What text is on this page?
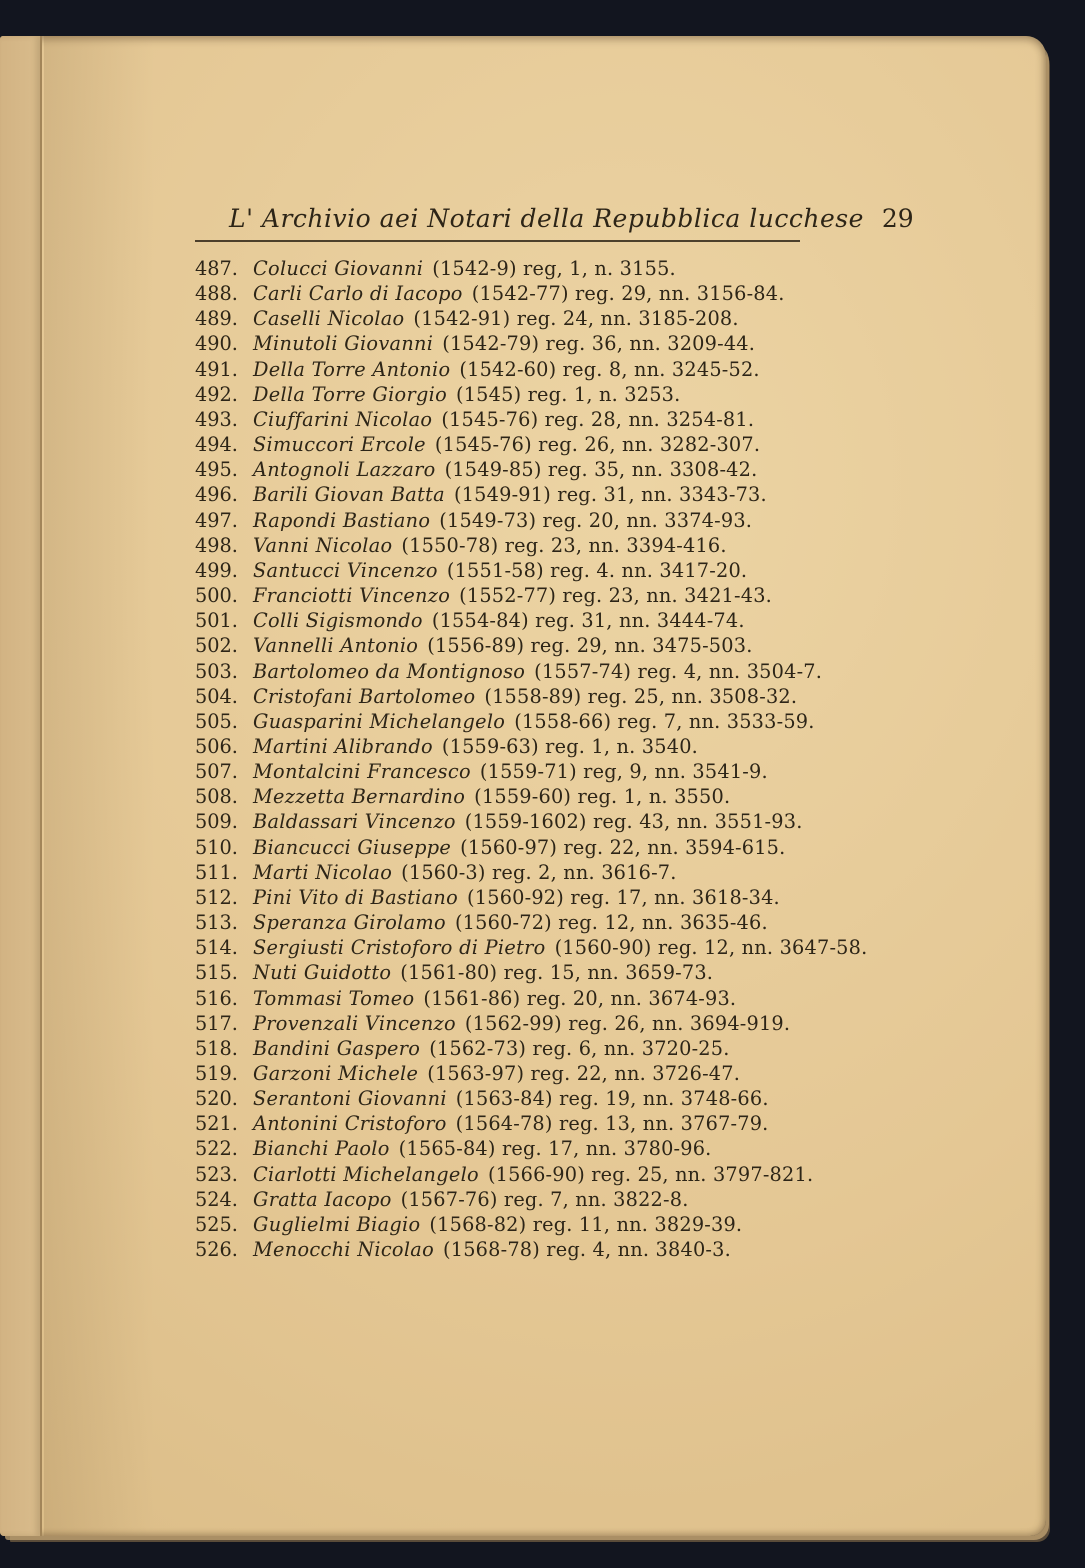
L' Archivio aei Notari della Repubblica lucchese 29
487. Colucci Giovanni (1542-9) reg, 1, n. 3155.
488. Carli Carlo di Iacopo (1542-77) reg. 29, nn. 3156-84.
489. Caselli Nicolao (1542-91) reg. 24, nn. 3185-208.
490. Minutoli Giovanni (1542-79) reg. 36, nn. 3209-44.
491. Della Torre Antonio (1542-60) reg. 8, nn. 3245-52.
492. Della Torre Giorgio (1545) reg. 1, n. 3253.
493. Ciuffarini Nicolao (1545-76) reg. 28, nn. 3254-81.
494. Simuccori Ercole (1545-76) reg. 26, nn. 3282-307.
495. Antognoli Lazzaro (1549-85) reg. 35, nn. 3308-42.
496. Barili Giovan Batta (1549-91) reg. 31, nn. 3343-73.
497. Rapondi Bastiano (1549-73) reg. 20, nn. 3374-93.
498. Vanni Nicolao (1550-78) reg. 23, nn. 3394-416.
499. Santucci Vincenzo (1551-58) reg. 4. nn. 3417-20.
500. Franciotti Vincenzo (1552-77) reg. 23, nn. 3421-43.
501. Colli Sigismondo (1554-84) reg. 31, nn. 3444-74.
502. Vannelli Antonio (1556-89) reg. 29, nn. 3475-503.
503. Bartolomeo da Montignoso (1557-74) reg. 4, nn. 3504-7.
504. Cristofani Bartolomeo (1558-89) reg. 25, nn. 3508-32.
505. Guasparini Michelangelo (1558-66) reg. 7, nn. 3533-59.
506. Martini Alibrando (1559-63) reg. 1, n. 3540.
507. Montalcini Francesco (1559-71) reg, 9, nn. 3541-9.
508. Mezzetta Bernardino (1559-60) reg. 1, n. 3550.
509. Baldassari Vincenzo (1559-1602) reg. 43, nn. 3551-93.
510. Biancucci Giuseppe (1560-97) reg. 22, nn. 3594-615.
511. Marti Nicolao (1560-3) reg. 2, nn. 3616-7.
512. Pini Vito di Bastiano (1560-92) reg. 17, nn. 3618-34.
513. Speranza Girolamo (1560-72) reg. 12, nn. 3635-46.
514. Sergiusti Cristoforo di Pietro (1560-90) reg. 12, nn. 3647-58.
515. Nuti Guidotto (1561-80) reg. 15, nn. 3659-73.
516. Tommasi Tomeo (1561-86) reg. 20, nn. 3674-93.
517. Provenzali Vincenzo (1562-99) reg. 26, nn. 3694-919.
518. Bandini Gaspero (1562-73) reg. 6, nn. 3720-25.
519. Garzoni Michele (1563-97) reg. 22, nn. 3726-47.
520. Serantoni Giovanni (1563-84) reg. 19, nn. 3748-66.
521. Antonini Cristoforo (1564-78) reg. 13, nn. 3767-79.
522. Bianchi Paolo (1565-84) reg. 17, nn. 3780-96.
523. Ciarlotti Michelangelo (1566-90) reg. 25, nn. 3797-821.
524. Gratta Iacopo (1567-76) reg. 7, nn. 3822-8.
525. Guglielmi Biagio (1568-82) reg. 11, nn. 3829-39.
526. Menocchi Nicolao (1568-78) reg. 4, nn. 3840-3.
